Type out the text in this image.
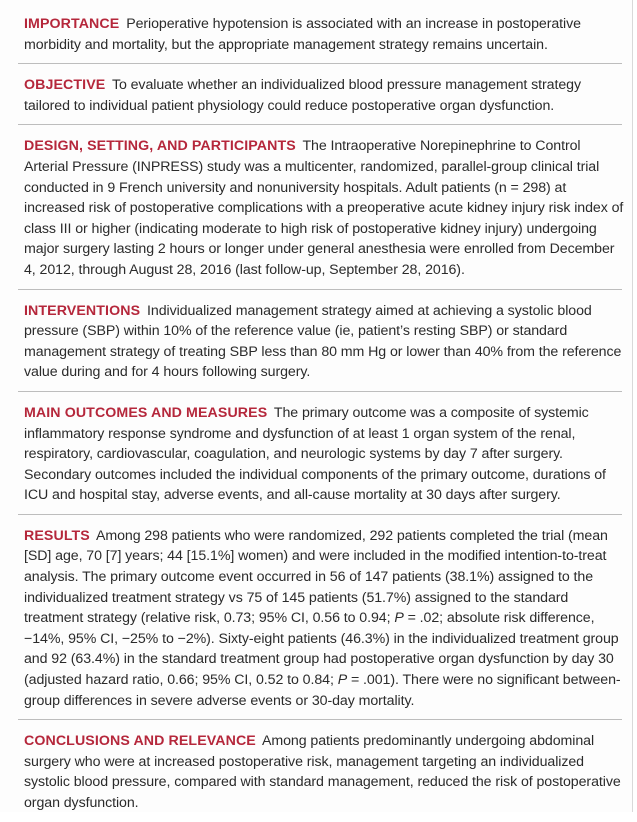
IMPORTANCE Perioperative hypotension is associated with an increase in postoperative morbidity and mortality, but the appropriate management strategy remains uncertain.
OBJECTIVE To evaluate whether an individualized blood pressure management strategy tailored to individual patient physiology could reduce postoperative organ dysfunction.
DESIGN, SETTING, AND PARTICIPANTS The Intraoperative Norepinephrine to Control Arterial Pressure (INPRESS) study was a multicenter, randomized, parallel-group clinical trial conducted in 9 French university and nonuniversity hospitals. Adult patients (n = 298) at increased risk of postoperative complications with a preoperative acute kidney injury risk index of class III or higher (indicating moderate to high risk of postoperative kidney injury) undergoing major surgery lasting 2 hours or longer under general anesthesia were enrolled from December 4, 2012, through August 28, 2016 (last follow-up, September 28, 2016).
INTERVENTIONS Individualized management strategy aimed at achieving a systolic blood pressure (SBP) within 10% of the reference value (ie, patient’s resting SBP) or standard management strategy of treating SBP less than 80 mm Hg or lower than 40% from the reference value during and for 4 hours following surgery.
MAIN OUTCOMES AND MEASURES The primary outcome was a composite of systemic inflammatory response syndrome and dysfunction of at least 1 organ system of the renal, respiratory, cardiovascular, coagulation, and neurologic systems by day 7 after surgery. Secondary outcomes included the individual components of the primary outcome, durations of ICU and hospital stay, adverse events, and all-cause mortality at 30 days after surgery.
RESULTS Among 298 patients who were randomized, 292 patients completed the trial (mean [SD] age, 70 [7] years; 44 [15.1%] women) and were included in the modified intention-to-treat analysis. The primary outcome event occurred in 56 of 147 patients (38.1%) assigned to the individualized treatment strategy vs 75 of 145 patients (51.7%) assigned to the standard treatment strategy (relative risk, 0.73; 95% CI, 0.56 to 0.94; P = .02; absolute risk difference, −14%, 95% CI, −25% to −2%). Sixty-eight patients (46.3%) in the individualized treatment group and 92 (63.4%) in the standard treatment group had postoperative organ dysfunction by day 30 (adjusted hazard ratio, 0.66; 95% CI, 0.52 to 0.84; P = .001). There were no significant between-group differences in severe adverse events or 30-day mortality.
CONCLUSIONS AND RELEVANCE Among patients predominantly undergoing abdominal surgery who were at increased postoperative risk, management targeting an individualized systolic blood pressure, compared with standard management, reduced the risk of postoperative organ dysfunction.
